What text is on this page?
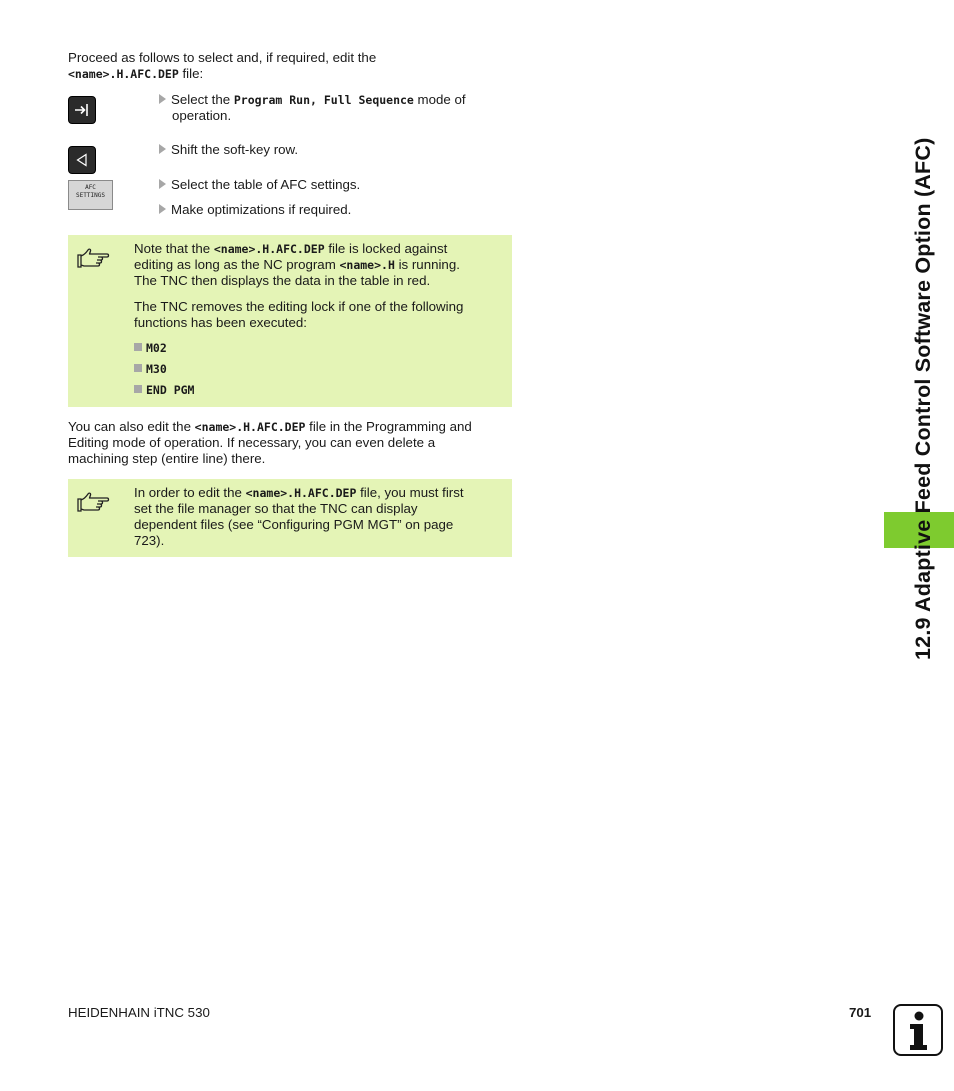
Proceed as follows to select and, if required, edit the
<name>.H.AFC.DEP file:
AFC
SETTINGS
Select the Program Run, Full Sequence mode of
operation.
Shift the soft-key row.
Select the table of AFC settings.
Make optimizations if required.

Note that the <name>.H.AFC.DEP file is locked against
editing as long as the NC program <name>.H is running.
The TNC then displays the data in the table in red.

The TNC removes the editing lock if one of the following
functions has been executed:

M02
M30
END PGM
You can also edit the <name>.H.AFC.DEP file in the Programming and
Editing mode of operation. If necessary, you can even delete a
machining step (entire line) there.
In order to edit the <name>.H.AFC.DEP file, you must first
set the file manager so that the TNC can display
dependent files (see “Configuring PGM MGT” on page
723).	12.9 Adaptive Feed Control Software Option (AFC)
HEIDENHAIN iTNC 530	701
